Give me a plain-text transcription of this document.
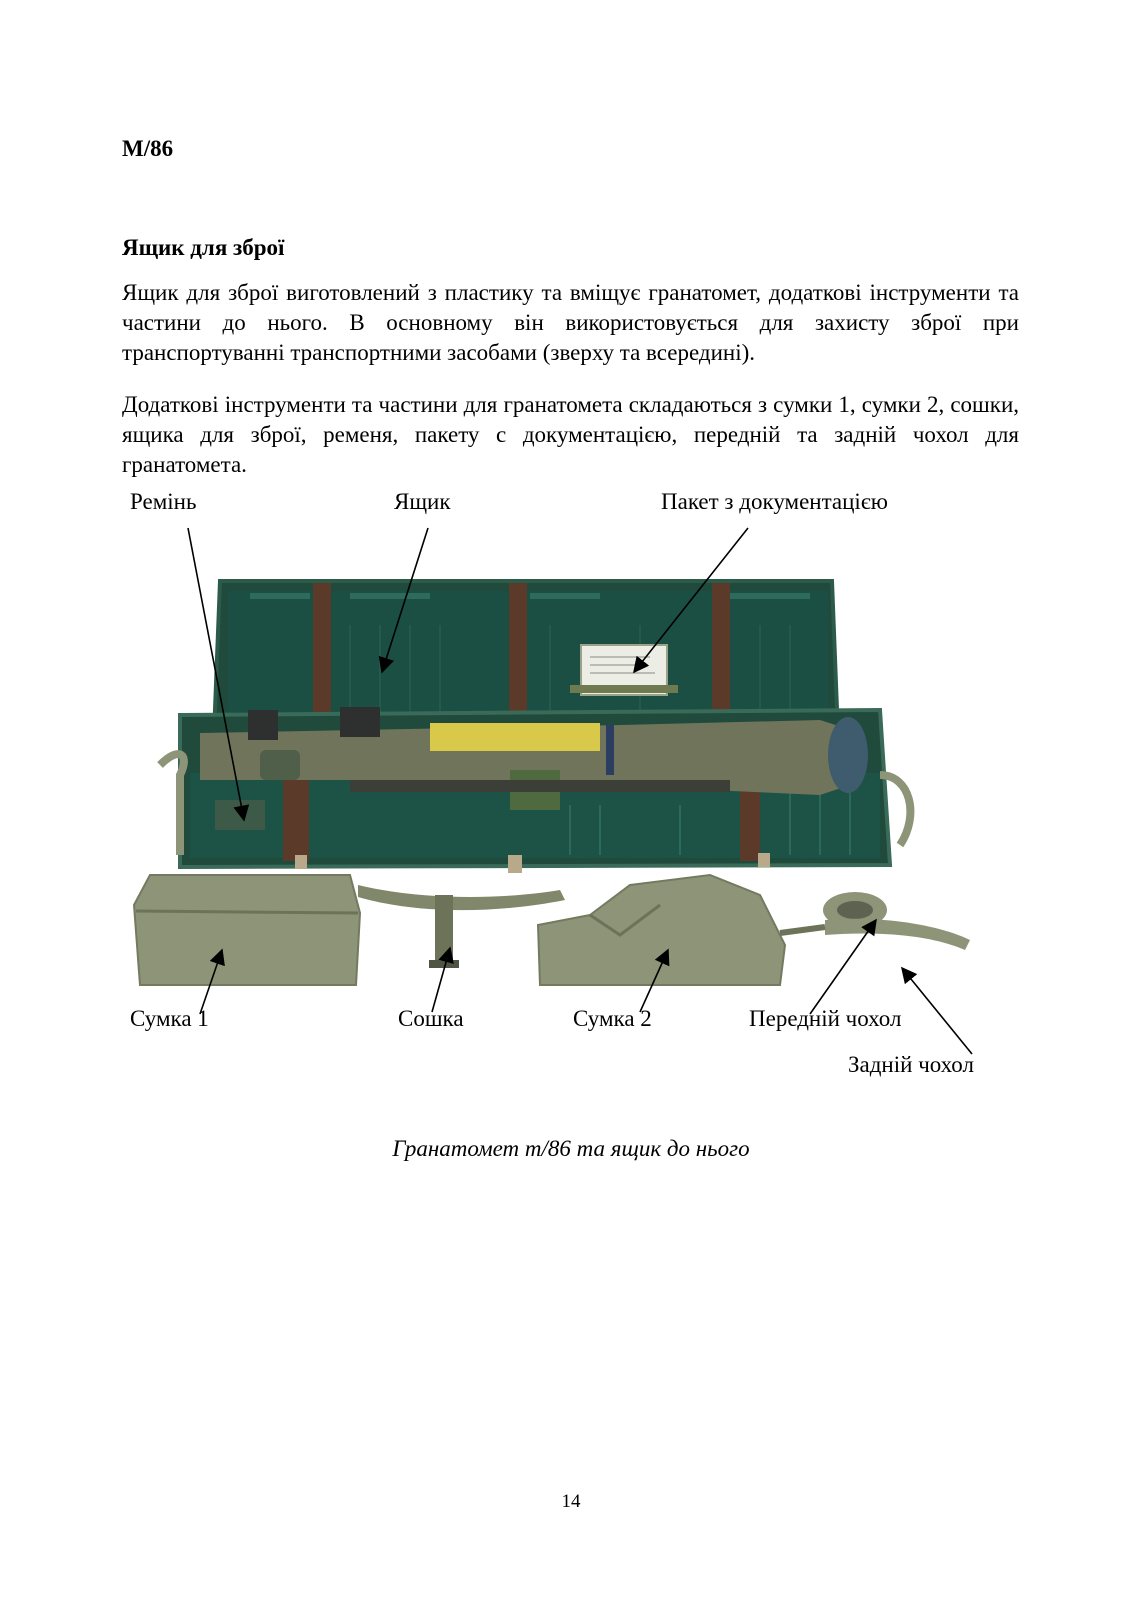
М/86
Ящик для зброї

Ящик для зброї виготовлений з пластику та вміщує гранатомет, додаткові інструменти та частини до нього. В основному він використовується для захисту зброї при транспортуванні транспортними засобами (зверху та всередині).

Додаткові інструменти та частини для гранатомета складаються з сумки 1, сумки 2, сошки, ящика для зброї, ременя, пакету с документацією, передній та задній чохол для гранатомета.

Ремінь	Ящик	Пакет з документацією
Сумка 1	Сошка	Сумка 2	Передній чохол
Задній чохол
Гранатомет m/86 та ящик до нього
14
